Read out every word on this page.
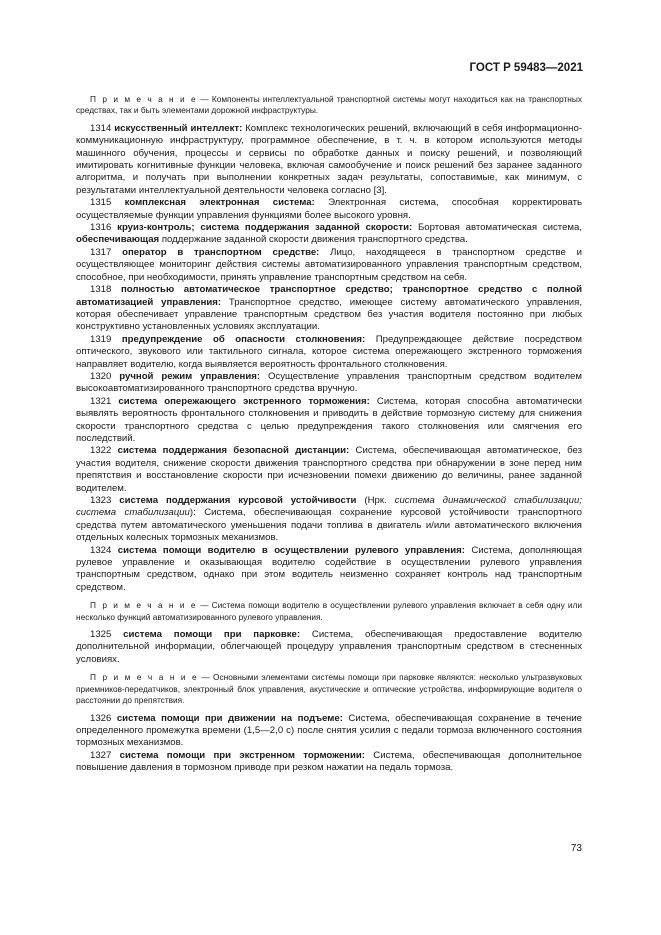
ГОСТ Р 59483—2021

П р и м е ч а н и е — Компоненты интеллектуальной транспортной системы могут находиться как на транспортных средствах, так и быть элементами дорожной инфраструктуры.

1314 искусственный интеллект: Комплекс технологических решений, включающий в себя информационно-коммуникационную инфраструктуру, программное обеспечение, в т. ч. в котором используются методы машинного обучения, процессы и сервисы по обработке данных и поиску решений, и позволяющий имитировать когнитивные функции человека, включая самообучение и поиск решений без заранее заданного алгоритма, и получать при выполнении конкретных задач результаты, сопоставимые, как минимум, с результатами интеллектуальной деятельности человека согласно [3].

1315 комплексная электронная система: Электронная система, способная корректировать осуществляемые функции управления функциями более высокого уровня.

1316 круиз-контроль; система поддержания заданной скорости: Бортовая автоматическая система, обеспечивающая поддержание заданной скорости движения транспортного средства.

1317 оператор в транспортном средстве: Лицо, находящееся в транспортном средстве и осуществляющее мониторинг действия системы автоматизированного управления транспортным средством, способное, при необходимости, принять управление транспортным средством на себя.

1318 полностью автоматическое транспортное средство; транспортное средство с полной автоматизацией управления: Транспортное средство, имеющее систему автоматического управления, которая обеспечивает управление транспортным средством без участия водителя постоянно при любых конструктивно установленных условиях эксплуатации.

1319 предупреждение об опасности столкновения: Предупреждающее действие посредством оптического, звукового или тактильного сигнала, которое система опережающего экстренного торможения направляет водителю, когда выявляется вероятность фронтального столкновения.

1320 ручной режим управления: Осуществление управления транспортным средством водителем высокоавтоматизированного транспортного средства вручную.

1321 система опережающего экстренного торможения: Система, которая способна автоматически выявлять вероятность фронтального столкновения и приводить в действие тормозную систему для снижения скорости транспортного средства с целью предупреждения такого столкновения или смягчения его последствий.

1322 система поддержания безопасной дистанции: Система, обеспечивающая автоматическое, без участия водителя, снижение скорости движения транспортного средства при обнаружении в зоне перед ним препятствия и восстановление скорости при исчезновении помехи движению до величины, ранее заданной водителем.

1323 система поддержания курсовой устойчивости (Нрк. система динамической стабилизации; система стабилизации): Система, обеспечивающая сохранение курсовой устойчивости транспортного средства путем автоматического уменьшения подачи топлива в двигатель и/или автоматического включения отдельных колесных тормозных механизмов.

1324 система помощи водителю в осуществлении рулевого управления: Система, дополняющая рулевое управление и оказывающая водителю содействие в осуществлении рулевого управления транспортным средством, однако при этом водитель неизменно сохраняет контроль над транспортным средством.

П р и м е ч а н и е — Система помощи водителю в осуществлении рулевого управления включает в себя одну или несколько функций автоматизированного рулевого управления.

1325 система помощи при парковке: Система, обеспечивающая предоставление водителю дополнительной информации, облегчающей процедуру управления транспортным средством в стесненных условиях.

П р и м е ч а н и е — Основными элементами системы помощи при парковке являются: несколько ультразвуковых приемников-передатчиков, электронный блок управления, акустические и оптические устройства, информирующие водителя о расстоянии до препятствия.

1326 система помощи при движении на подъеме: Система, обеспечивающая сохранение в течение определенного промежутка времени (1,5—2,0 с) после снятия усилия с педали тормоза включенного состояния тормозных механизмов.

1327 система помощи при экстренном торможении: Система, обеспечивающая дополнительное повышение давления в тормозном приводе при резком нажатии на педаль тормоза.

73
